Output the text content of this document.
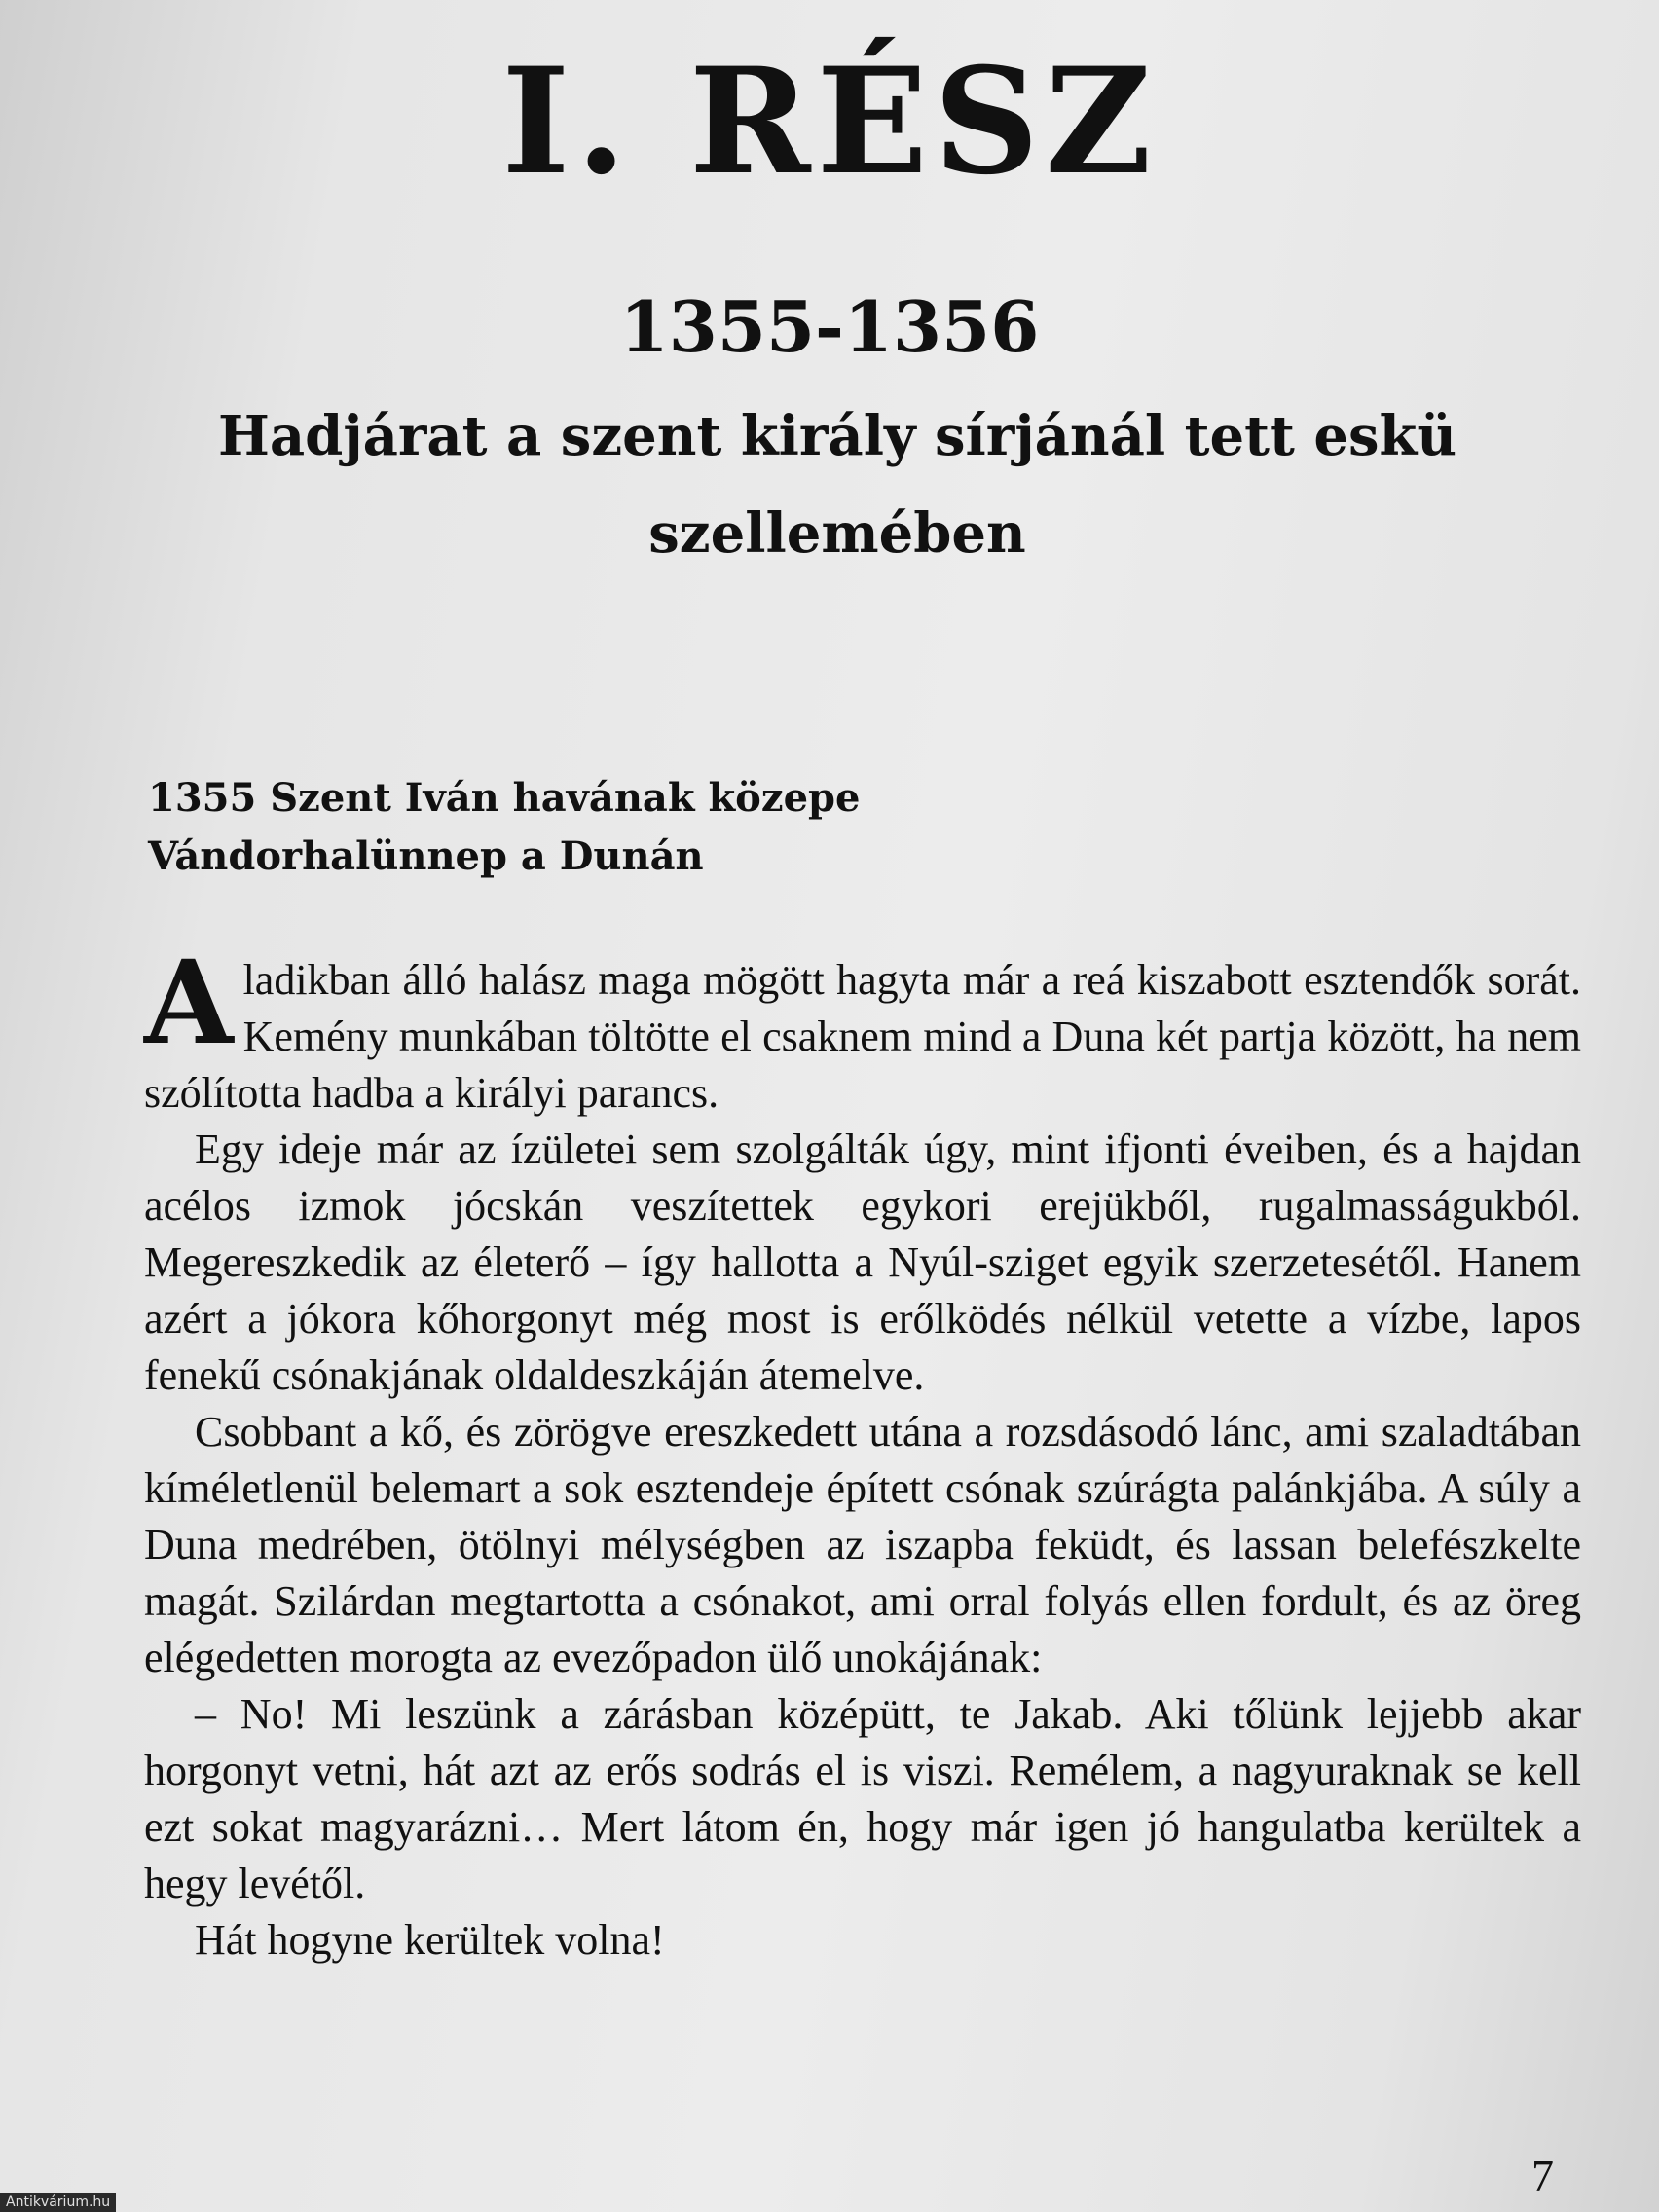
I. RÉSZ
1355-1356
Hadjárat a szent király sírjánál tett eskü szellemében
1355 Szent Iván havának közepe
Vándorhalünnep a Dunán

Aladikban álló halász maga mögött hagyta már a reá kiszabott esztendők sorát. Kemény munkában töltötte el csaknem mind a Duna két partja között, ha nem szólította hadba a királyi parancs.

Egy ideje már az ízületei sem szolgálták úgy, mint ifjonti éveiben, és a hajdan acélos izmok jócskán veszítettek egykori erejükből, rugalmasságukból. Megereszkedik az életerő – így hallotta a Nyúl-sziget egyik szerzetesétől. Hanem azért a jókora kőhorgonyt még most is erőlködés nélkül vetette a vízbe, lapos fenekű csónakjának oldaldeszkáján átemelve.

Csobbant a kő, és zörögve ereszkedett utána a rozsdásodó lánc, ami szaladtában kíméletlenül belemart a sok esztendeje épített csónak szúrágta palánkjába. A súly a Duna medrében, ötölnyi mélységben az iszapba feküdt, és lassan belefészkelte magát. Szilárdan megtartotta a csónakot, ami orral folyás ellen fordult, és az öreg elégedetten morogta az evezőpadon ülő unokájának:

– No! Mi leszünk a zárásban középütt, te Jakab. Aki tőlünk lejjebb akar horgonyt vetni, hát azt az erős sodrás el is viszi. Remélem, a nagyuraknak se kell ezt sokat magyarázni… Mert látom én, hogy már igen jó hangulatba kerültek a hegy levétől.

Hát hogyne kerültek volna!

7
Antikvárium.hu
